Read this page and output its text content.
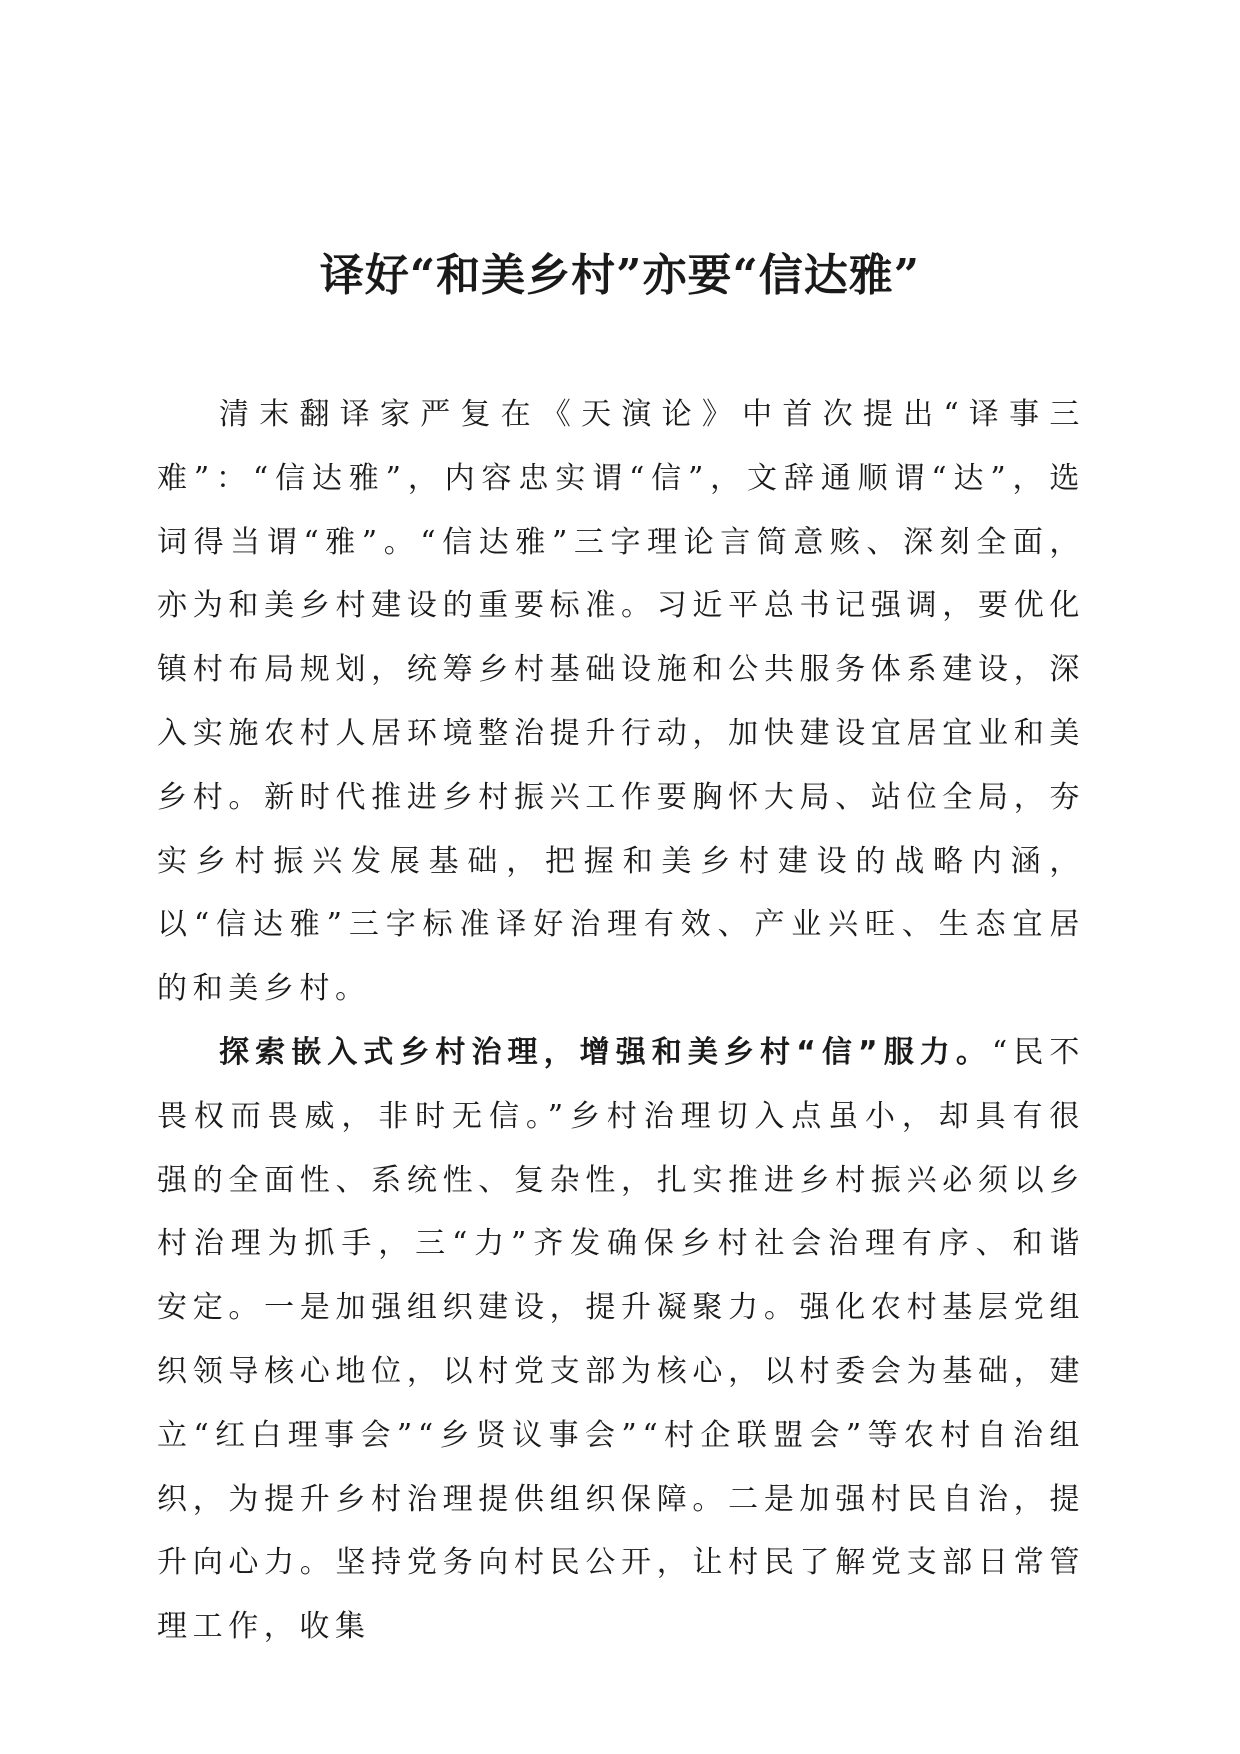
译好“和美乡村”亦要“信达雅”

清末翻译家严复在《天演论》中首次提出“译事三难”：“信达雅”，内容忠实谓“信”，文辞通顺谓“达”，选词得当谓“雅”。“信达雅”三字理论言简意赅、深刻全面，亦为和美乡村建设的重要标准。习近平总书记强调，要优化镇村布局规划，统筹乡村基础设施和公共服务体系建设，深入实施农村人居环境整治提升行动，加快建设宜居宜业和美乡村。新时代推进乡村振兴工作要胸怀大局、站位全局，夯实乡村振兴发展基础，把握和美乡村建设的战略内涵，以“信达雅”三字标准译好治理有效、产业兴旺、生态宜居的和美乡村。

探索嵌入式乡村治理，增强和美乡村“信”服力。“民不畏权而畏威，非时无信。”乡村治理切入点虽小，却具有很强的全面性、系统性、复杂性，扎实推进乡村振兴必须以乡村治理为抓手，三“力”齐发确保乡村社会治理有序、和谐安定。一是加强组织建设，提升凝聚力。强化农村基层党组织领导核心地位，以村党支部为核心，以村委会为基础，建立“红白理事会”“乡贤议事会”“村企联盟会”等农村自治组织，为提升乡村治理提供组织保障。二是加强村民自治，提升向心力。坚持党务向村民公开，让村民了解党支部日常管理工作，收集
